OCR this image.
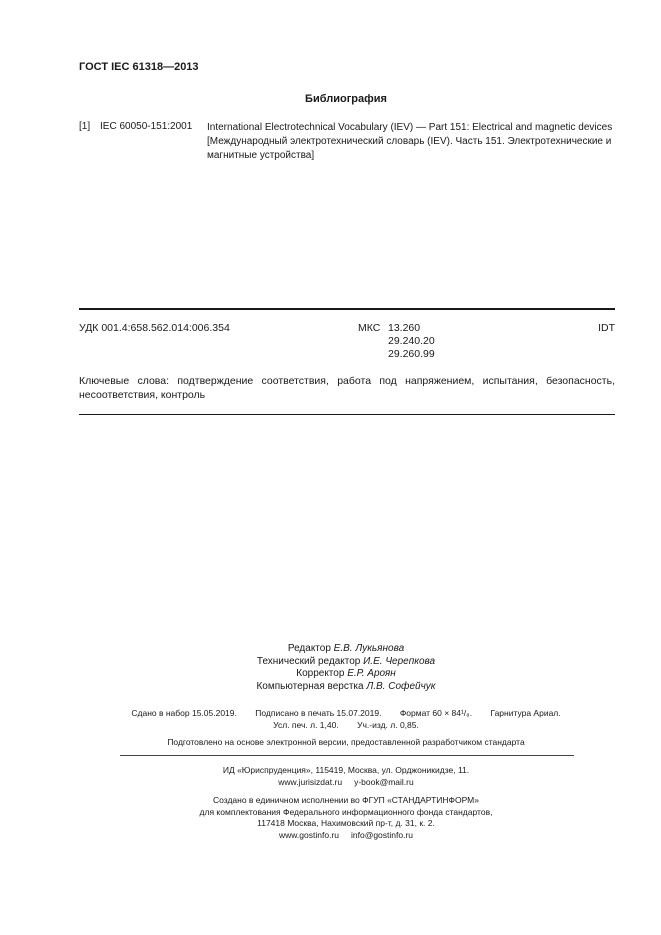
ГОСТ IEC 61318—2013
Библиография
[1] IEC 60050-151:2001 International Electrotechnical Vocabulary (IEV) — Part 151: Electrical and magnetic devices [Международный электротехнический словарь (IEV). Часть 151. Электротехнические и магнитные устройства]
УДК 001.4:658.562.014:006.354	МКС 13.260
29.240.20
29.260.99
IDT
Ключевые слова: подтверждение соответствия, работа под напряжением, испытания, безопасность, несоответствия, контроль
Редактор Е.В. Лукьянова
Технический редактор И.Е. Черепкова
Корректор Е.Р. Ароян
Компьютерная верстка Л.В. Софейчук
Сдано в набор 15.05.2019. Подписано в печать 15.07.2019. Формат 60 × 84¹/₈. Гарнитура Ариал.
Усл. печ. л. 1,40. Уч.-изд. л. 0,85.
Подготовлено на основе электронной версии, предоставленной разработчиком стандарта
ИД «Юриспруденция», 115419, Москва, ул. Орджоникидзе, 11.
www.jurisizdat.ru y-book@mail.ru
Создано в единичном исполнении во ФГУП «СТАНДАРТИНФОРМ»
для комплектования Федерального информационного фонда стандартов,
117418 Москва, Нахимовский пр-т, д. 31, к. 2.
www.gostinfo.ru info@gostinfo.ru
